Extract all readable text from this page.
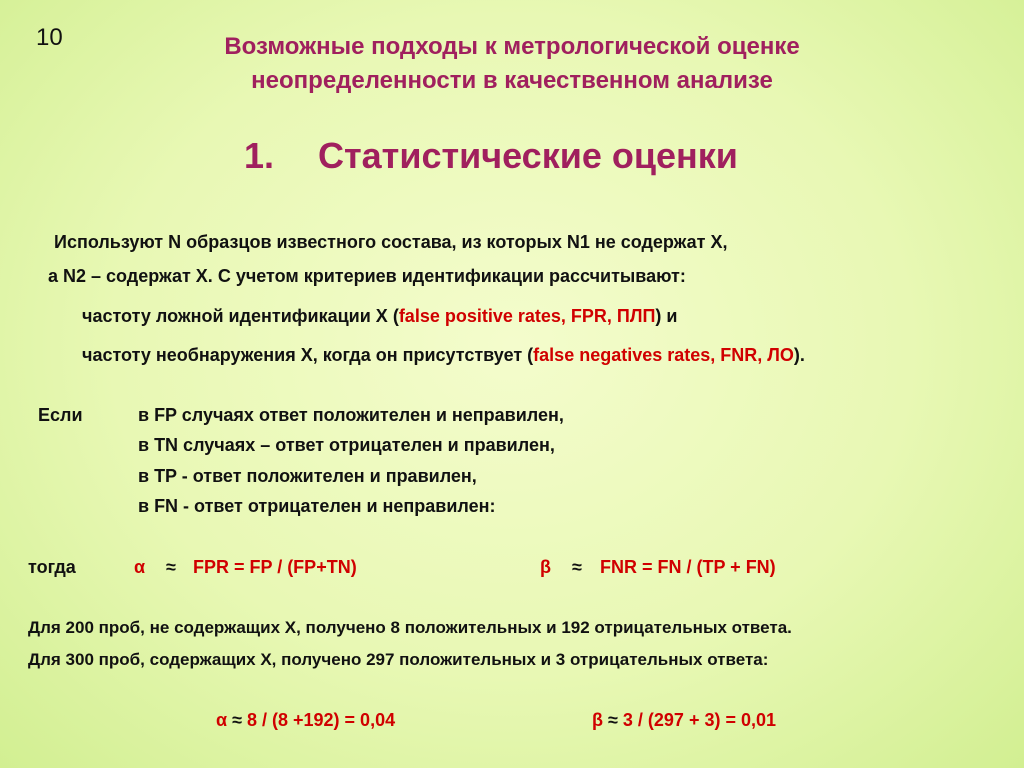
10	Возможные подходы к метрологической оценке
неопределенности в качественном анализе
1. Статистические оценки
Используют N образцов известного состава, из которых N1 не содержат X,
а N2 – содержат X. С учетом критериев идентификации рассчитывают:
частоту ложной идентификации X (false positive rates, FPR, ПЛП) и
частоту необнаружения X, когда он присутствует (false negatives rates, FNR, ЛО).
Если	в FP случаях ответ положителен и неправилен,
в TN случаях – ответ отрицателен и правилен,
в TP - ответ положителен и правилен,
в FN - ответ отрицателен и неправилен:
тогда	α ≈ FPR = FP / (FP+TN)	β ≈ FNR = FN / (TP + FN)
Для 200 проб, не содержащих X, получено 8 положительных и 192 отрицательных ответа.
Для 300 проб, содержащих X, получено 297 положительных и 3 отрицательных ответа:
α ≈ 8 / (8 +192) = 0,04	β ≈ 3 / (297 + 3) = 0,01
